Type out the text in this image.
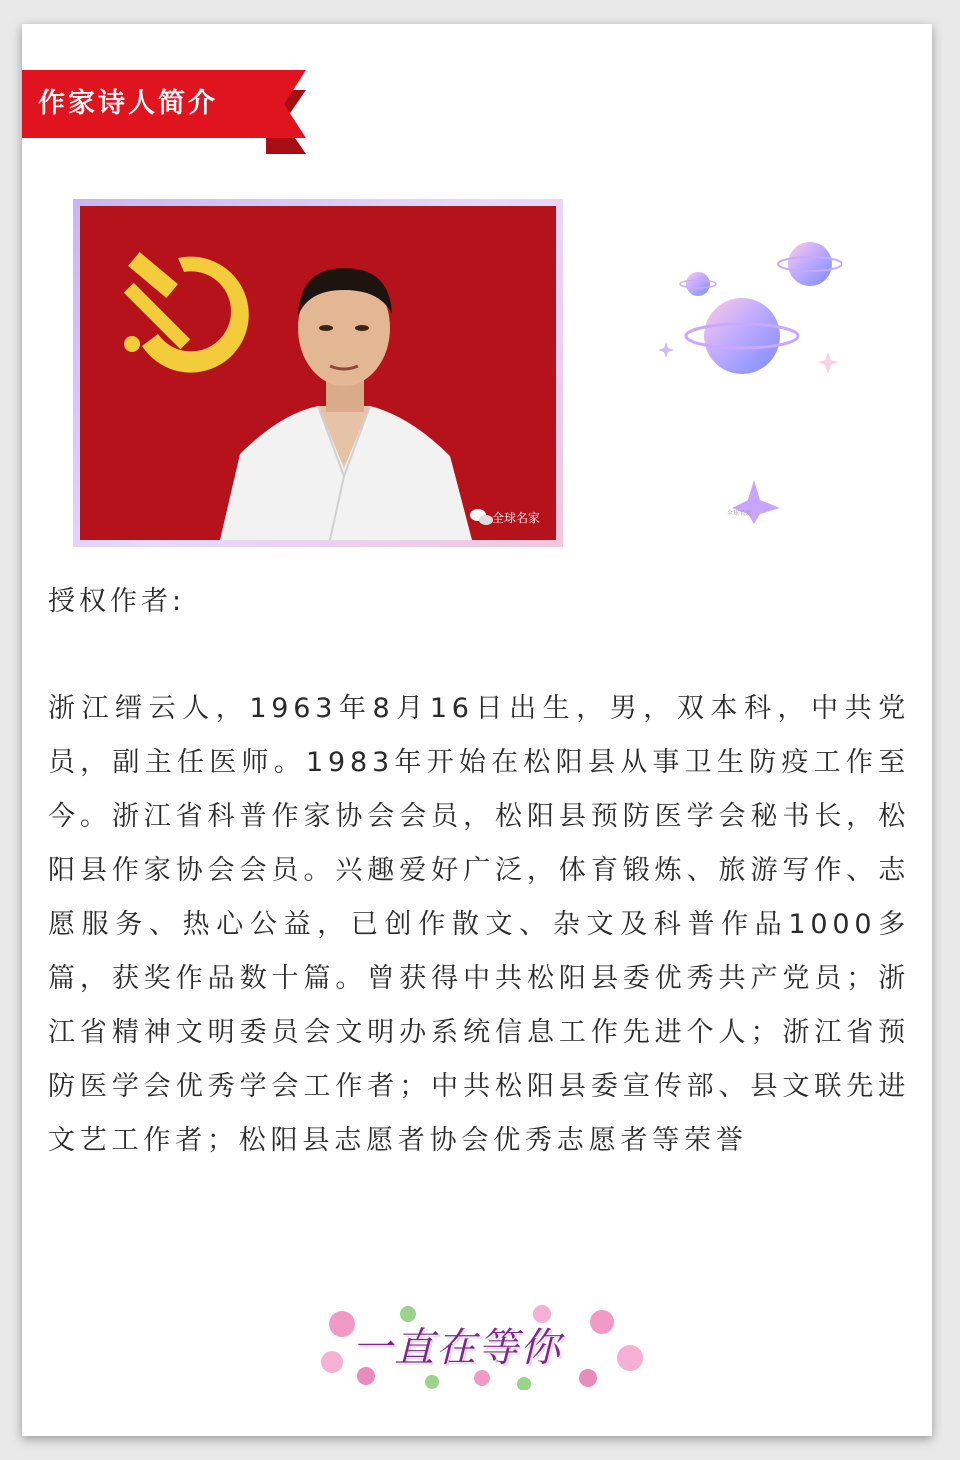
作家诗人简介
全球名家	全球名家
授权作者:
浙江缙云人，1963年8月16日出生，男，双本科，中共党员，副主任医师。1983年开始在松阳县从事卫生防疫工作至今。浙江省科普作家协会会员，松阳县预防医学会秘书长，松阳县作家协会会员。兴趣爱好广泛，体育锻炼、旅游写作、志愿服务、热心公益，已创作散文、杂文及科普作品1000多篇，获奖作品数十篇。曾获得中共松阳县委优秀共产党员；浙江省精神文明委员会文明办系统信息工作先进个人；浙江省预防医学会优秀学会工作者；中共松阳县委宣传部、县文联先进文艺工作者；松阳县志愿者协会优秀志愿者等荣誉
一直在等你
